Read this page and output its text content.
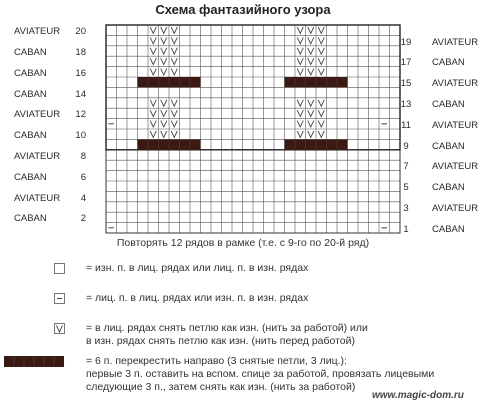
Схема фантазийного узора
AVIATEUR	20
CABAN	18
CABAN	16
CABAN	14
AVIATEUR	12
CABAN	10
AVIATEUR	8
CABAN	6
AVIATEUR	4
CABAN	2
19 AVIATEUR
17 CABAN
15 AVIATEUR
13 CABAN
11	AVIATEUR
9	CABAN
7	AVIATEUR
5	CABAN
3	AVIATEUR
1	CABAN
Повторять 12 рядов в рамке (т.е. с 9-го по 20-й ряд)
= изн. п. в лиц. рядах или лиц. п. в изн. рядах
= лиц. п. в лиц. рядах или изн. п. в изн. рядах
= в лиц. рядах снять петлю как изн. (нить за работой) или
в изн. рядах снять петлю как изн. (нить перед работой)
= 6 п. перекрестить направо (3 снятые петли, 3 лиц.):
первые 3 п. оставить на вспом. спице за работой, провязать лицевыми
следующие 3 п., затем снять как изн. (нить за работой)
www.magic-dom.ru
